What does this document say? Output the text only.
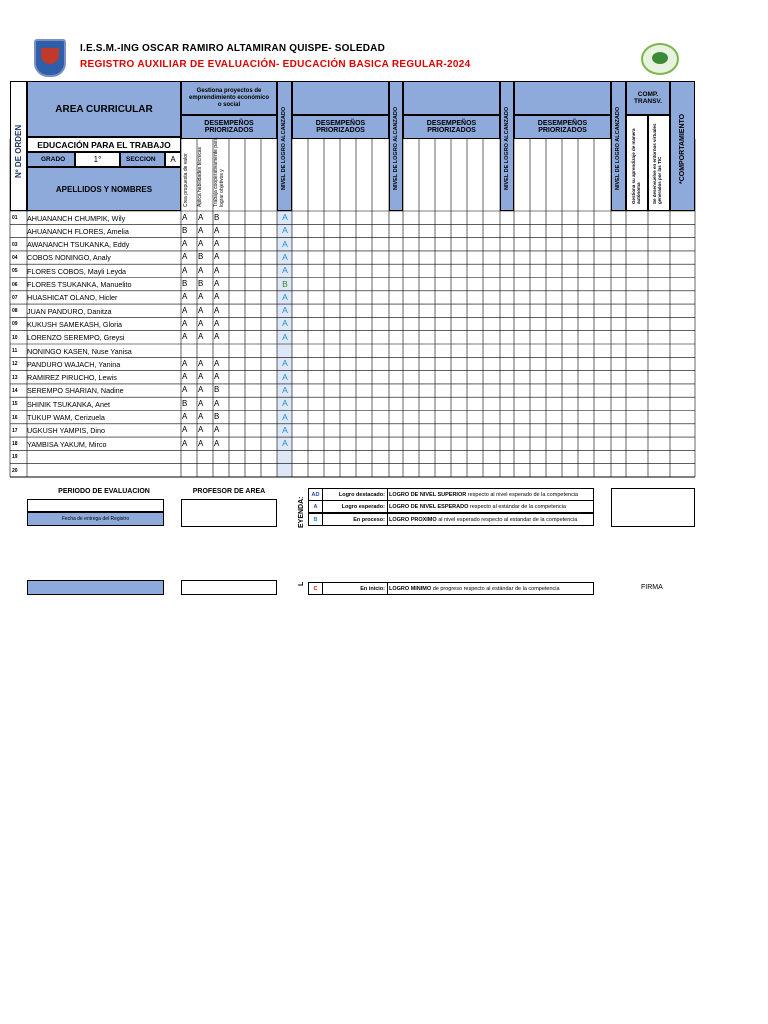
I.E.S.M.-ING OSCAR RAMIRO ALTAMIRAN QUISPE- SOLEDAD
REGISTRO AUXILIAR DE EVALUACIÓN- EDUCACIÓN BASICA REGULAR-2024
Nº DE ORDEN
AREA CURRICULAR
EDUCACIÓN PARA EL TRABAJO
GRADO	1°	SECCION	A
APELLIDOS Y NOMBRES
Gestiona proyectos de emprendimiento económico o social
DESEMPEÑOS PRIORIZADOS
DESEMPEÑOS PRIORIZADOS
DESEMPEÑOS PRIORIZADOS
DESEMPEÑOS PRIORIZADOS
NIVEL DE LOGRO ALCANZADO	NIVEL DE LOGRO ALCANZADO	NIVEL DE LOGRO ALCANZADO	NIVEL DE LOGRO ALCANZADO
COMP. TRANSV.
Gestiona su aprendizaje de manera autónoma Se desenvuelve en entornos virtuales generados por las TIC *COMPORTAMIENTO
Crea propuesta de valor Aplica habilidades técnicas Trabaja cooperativamente para lograr objetivos y
01 AHUANANCH CHUMPIK, Wily	A	A	B	A
AHUANANCH FLORES, Amelia	B	A	A	A
03 AWANANCH TSUKANKA, Eddy	A	A	A	A
04 COBOS NONINGO, Analy	A	B	A	A
05 FLORES COBOS, Mayli Leyda	A	A	A	A
06 FLORES TSUKANKA, Manuelito	B	B	A	B
07 HUASHICAT OLANO, Hicler	A	A	A	A
08 JUAN PANDURO, Danitza	A	A	A	A
09 KUKUSH SAMEKASH, Gloria	A	A	A	A
10 LORENZO SEREMPO, Greysi	A	A	A	A
11 NONINGO KASEN, Nuse Yanisa
12 PANDURO WAJACH, Yanina	A	A	A	A
13 RAMIREZ PIRUCHO, Lewis	A	A	A	A
14 SEREMPO SHARIAN, Nadine	A	A	B	A
15 SHINIK TSUKANKA, Anet	B	A	A	A
16 TUKUP WAM, Cerizuela	A	A	B	A
17 UGKUSH YAMPIS, Dino	A	A	A	A
18 YAMBISA YAKUM, Mirco	A	A	A	A
19
20
PERIODO DE EVALUACION
Fecha de entrega del Registro
PROFESOR DE AREA
EYENDA:
AD	Logro destacado: LOGRO DE NIVEL SUPERIOR respecto al nivel esperado de la competencia
A	Logro esperado: LOGRO DE NIVEL ESPERADO respecto al estándar de la competencia
B	En proceso: LOGRO PROXIMO al nivel esperado respecto al estandar de la competencia
C	En inicio: LOGRO MINIMO de progreso respecto al estándar de la competencia
L
FIRMA
